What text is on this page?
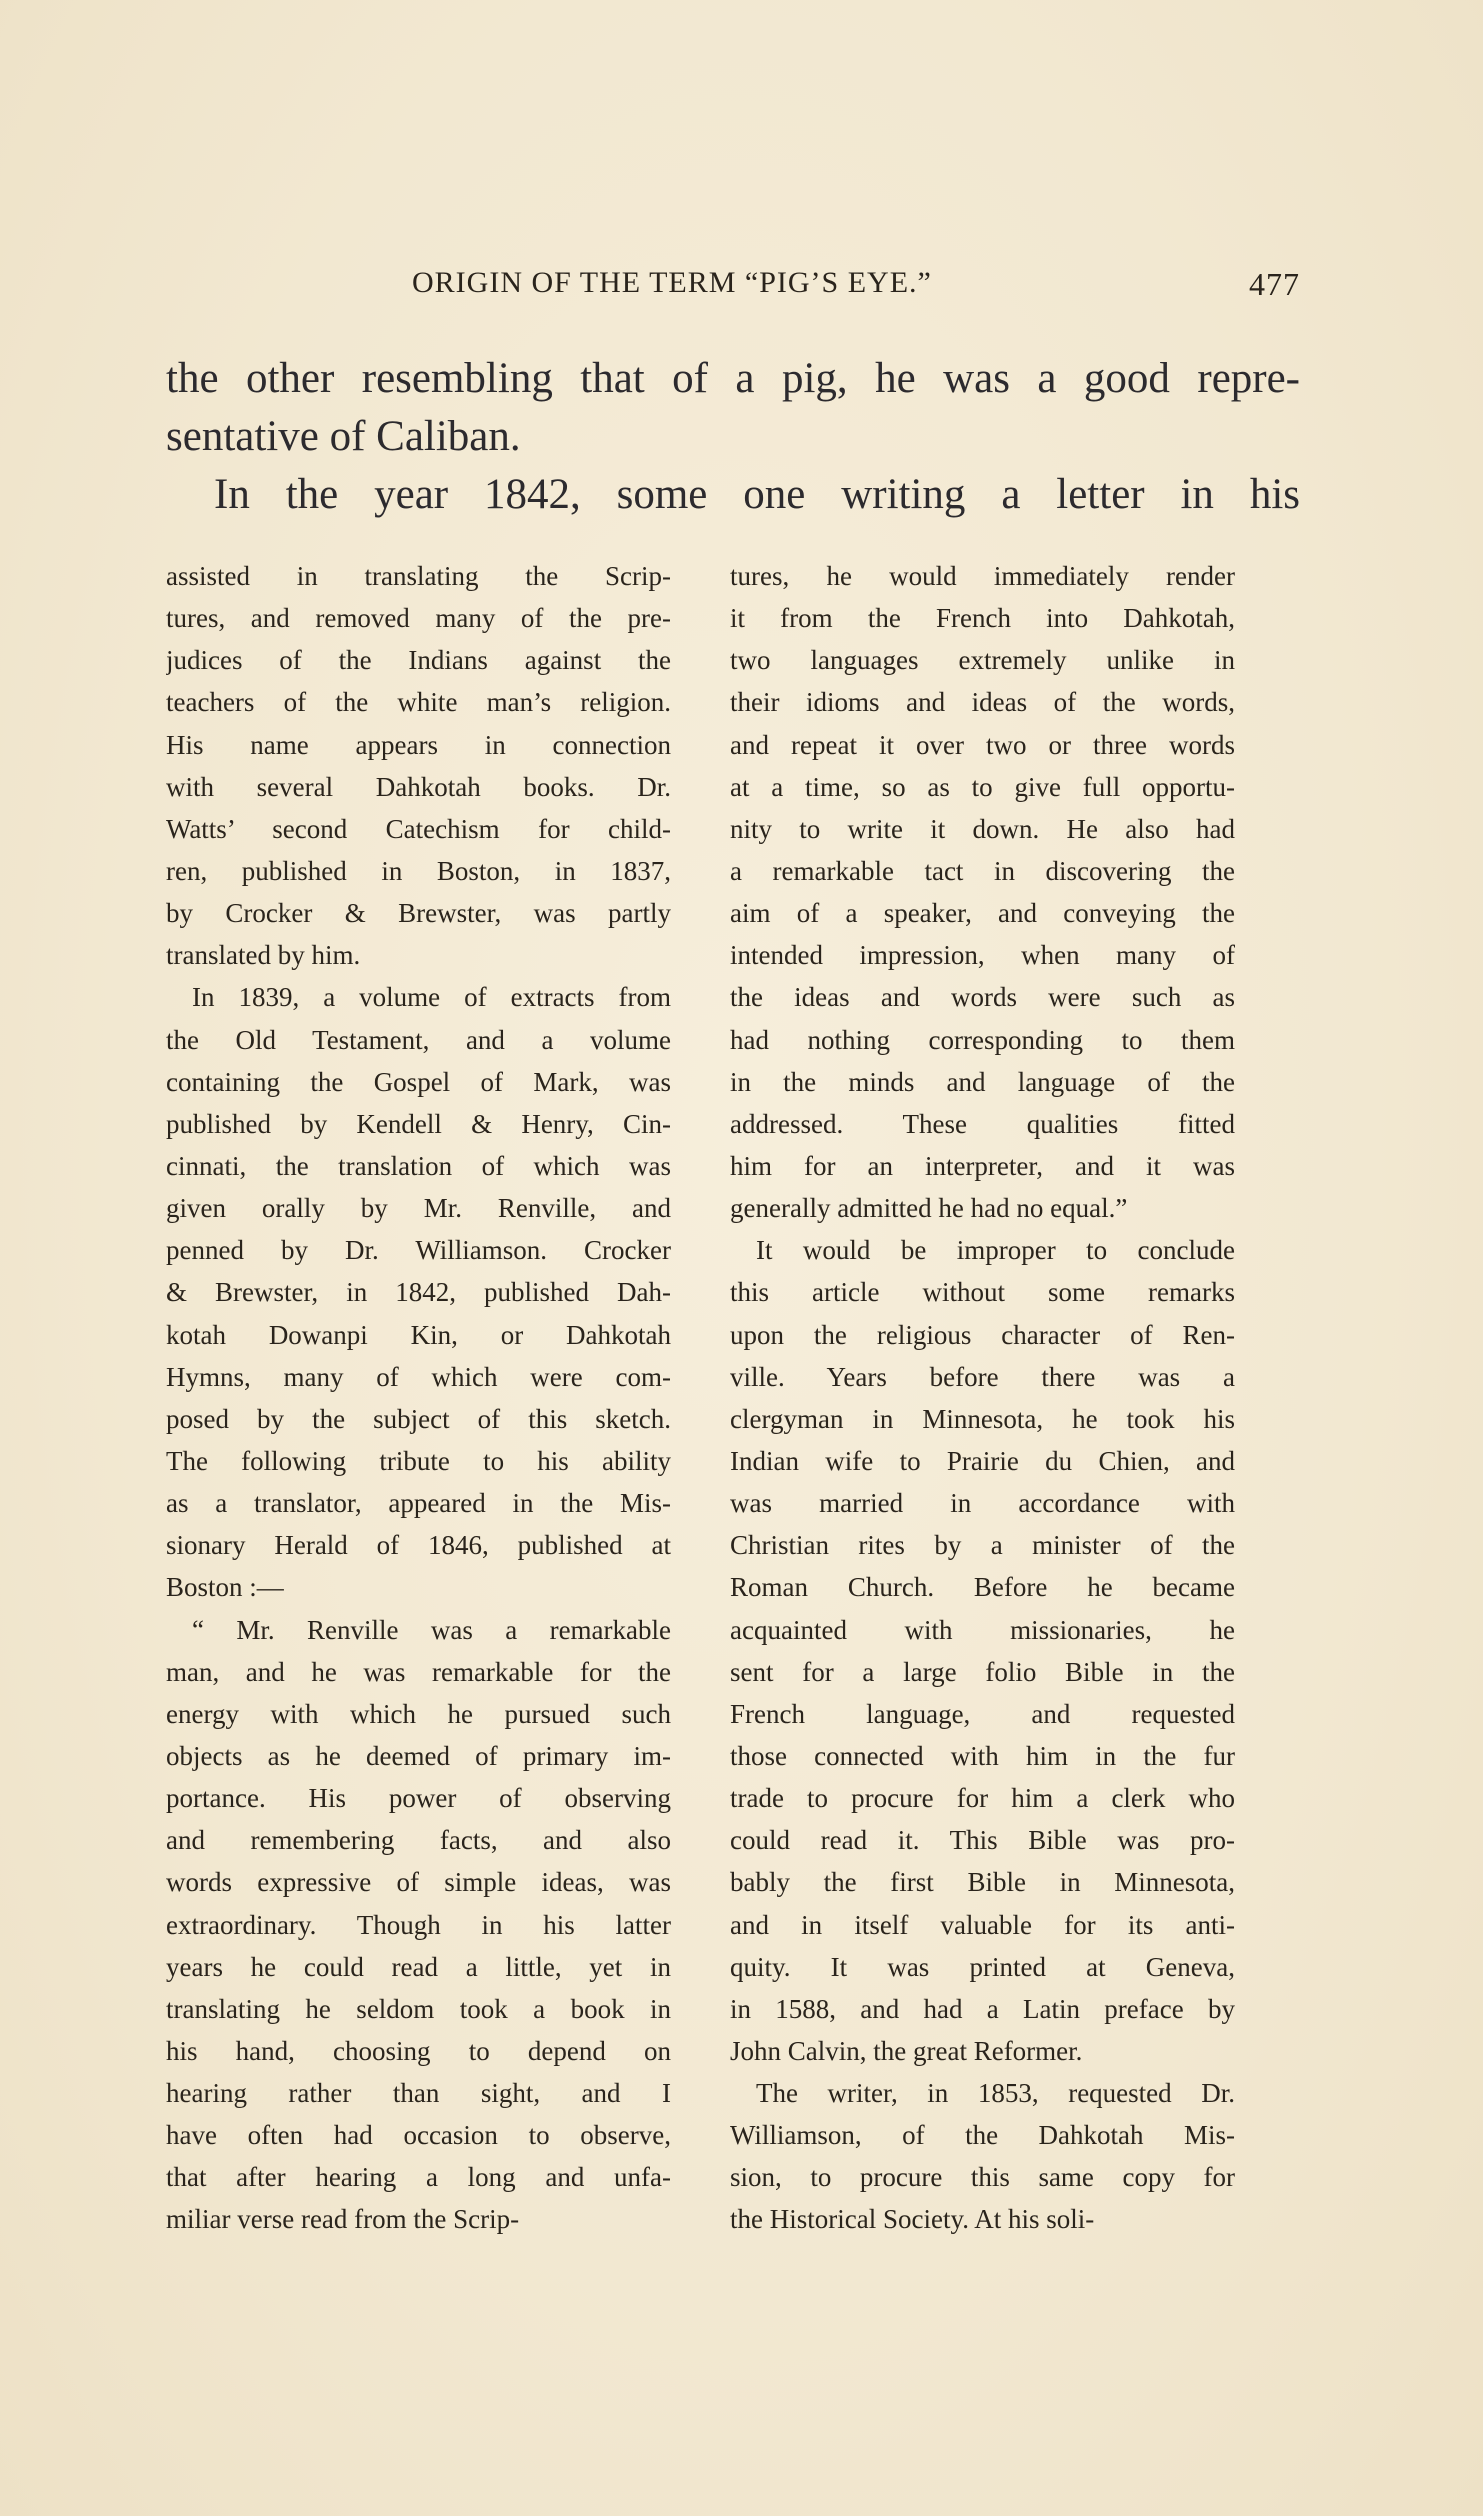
ORIGIN OF THE TERM “PIG’S EYE.”	477
the other resembling that of a pig, he was a good repre-
sentative of Caliban.
In the year 1842, some one writing a letter in his
assisted in translating the Scrip-
tures, and removed many of the pre-
judices of the Indians against the
teachers of the white man’s religion.
His name appears in connection
with several Dahkotah books. Dr.
Watts’ second Catechism for child-
ren, published in Boston, in 1837,
by Crocker & Brewster, was partly
translated by him.
In 1839, a volume of extracts from
the Old Testament, and a volume
containing the Gospel of Mark, was
published by Kendell & Henry, Cin-
cinnati, the translation of which was
given orally by Mr. Renville, and
penned by Dr. Williamson. Crocker
& Brewster, in 1842, published Dah-
kotah Dowanpi Kin, or Dahkotah
Hymns, many of which were com-
posed by the subject of this sketch.
The following tribute to his ability
as a translator, appeared in the Mis-
sionary Herald of 1846, published at
Boston :—
“ Mr. Renville was a remarkable
man, and he was remarkable for the
energy with which he pursued such
objects as he deemed of primary im-
portance. His power of observing
and remembering facts, and also
words expressive of simple ideas, was
extraordinary. Though in his latter
years he could read a little, yet in
translating he seldom took a book in
his hand, choosing to depend on
hearing rather than sight, and I
have often had occasion to observe,
that after hearing a long and unfa-
miliar verse read from the Scrip-
tures, he would immediately render
it from the French into Dahkotah,
two languages extremely unlike in
their idioms and ideas of the words,
and repeat it over two or three words
at a time, so as to give full opportu-
nity to write it down. He also had
a remarkable tact in discovering the
aim of a speaker, and conveying the
intended impression, when many of
the ideas and words were such as
had nothing corresponding to them
in the minds and language of the
addressed. These qualities fitted
him for an interpreter, and it was
generally admitted he had no equal.”
It would be improper to conclude
this article without some remarks
upon the religious character of Ren-
ville. Years before there was a
clergyman in Minnesota, he took his
Indian wife to Prairie du Chien, and
was married in accordance with
Christian rites by a minister of the
Roman Church. Before he became
acquainted with missionaries, he
sent for a large folio Bible in the
French language, and requested
those connected with him in the fur
trade to procure for him a clerk who
could read it. This Bible was pro-
bably the first Bible in Minnesota,
and in itself valuable for its anti-
quity. It was printed at Geneva,
in 1588, and had a Latin preface by
John Calvin, the great Reformer.
The writer, in 1853, requested Dr.
Williamson, of the Dahkotah Mis-
sion, to procure this same copy for
the Historical Society. At his soli-
